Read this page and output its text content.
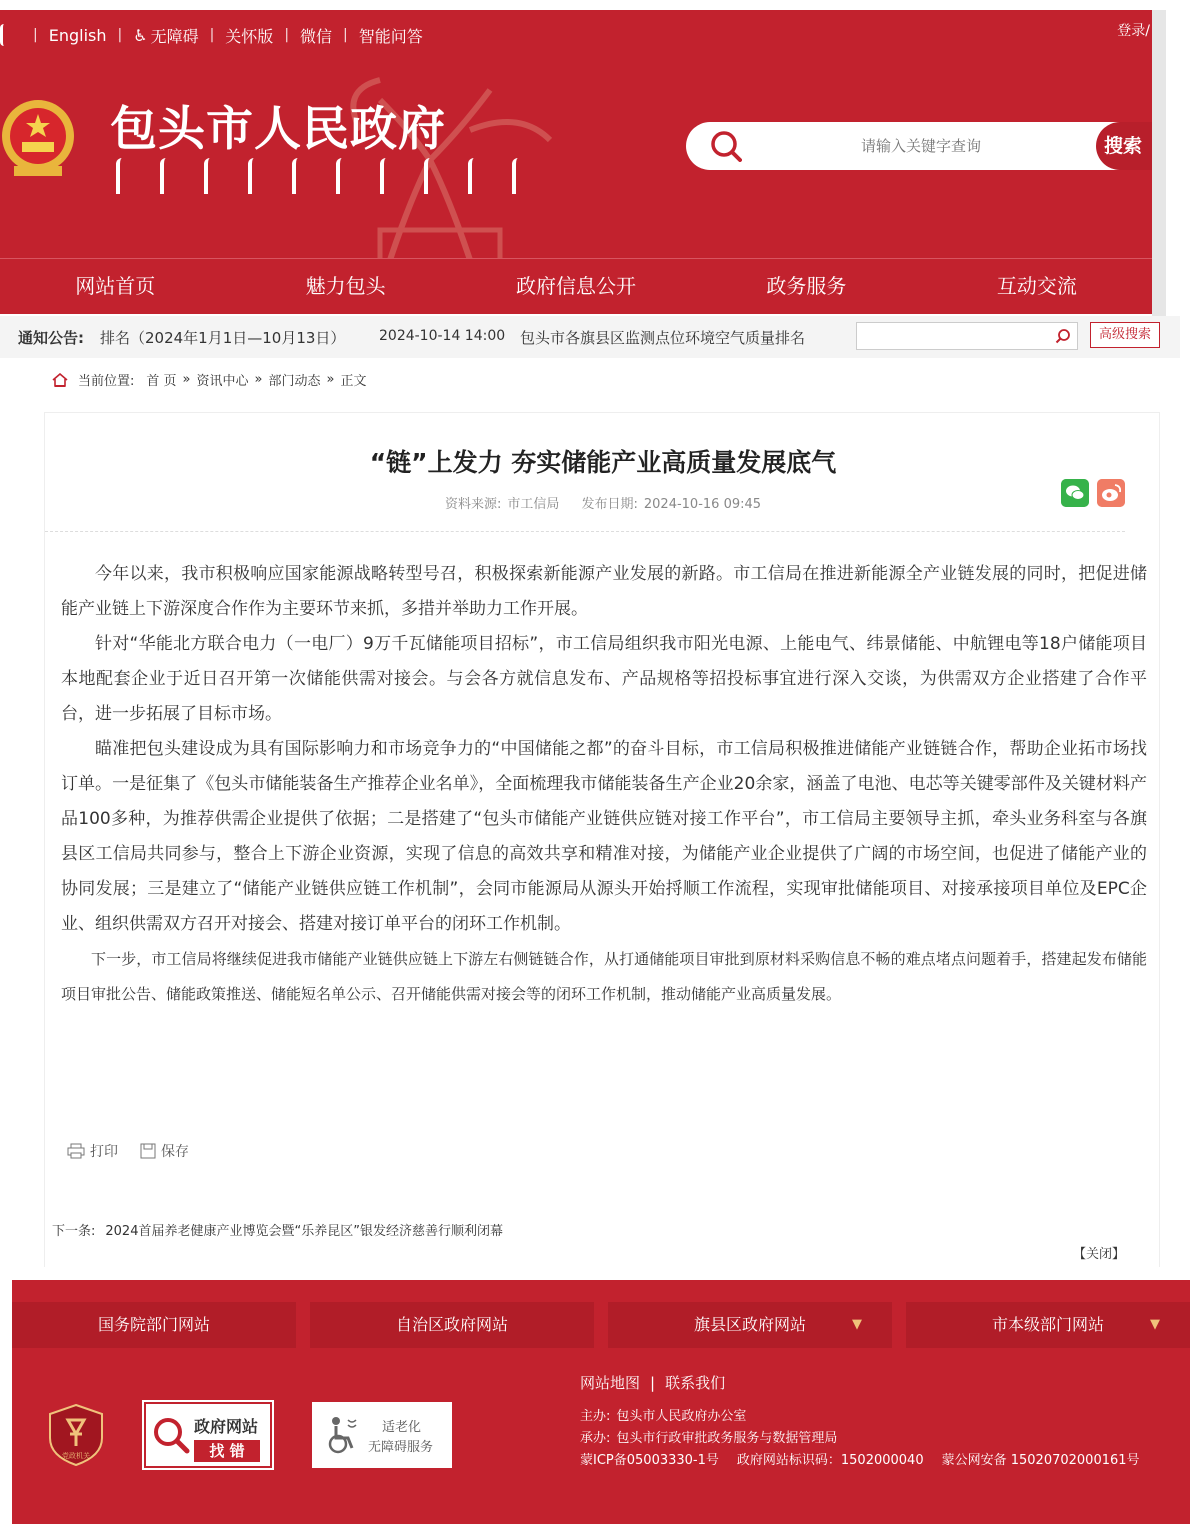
| English | ♿ 无障碍 | 关怀版 | 微信 | 智能问答	登录/
包头市人民政府
请输入关键字查询	搜索
网站首页	魅力包头	政府信息公开	政务服务	互动交流
通知公告: 排名（2024年1月1日—10月13日） 2024-10-14 14:00 包头市各旗县区监测点位环境空气质量排名	高级搜索
当前位置: 首 页 » 资讯中心 » 部门动态 » 正文
“链”上发力 夯实储能产业高质量发展底气
资料来源: 市工信局 发布日期: 2024-10-16 09:45

今年以来，我市积极响应国家能源战略转型号召，积极探索新能源产业发展的新路。市工信局在推进新能源全产业链发展的同时，把促进储能产业链上下游深度合作作为主要环节来抓，多措并举助力工作开展。

针对“华能北方联合电力（一电厂）9万千瓦储能项目招标”，市工信局组织我市阳光电源、上能电气、纬景储能、中航锂电等18户储能项目本地配套企业于近日召开第一次储能供需对接会。与会各方就信息发布、产品规格等招投标事宜进行深入交谈，为供需双方企业搭建了合作平台，进一步拓展了目标市场。

瞄准把包头建设成为具有国际影响力和市场竞争力的“中国储能之都”的奋斗目标，市工信局积极推进储能产业链链合作，帮助企业拓市场找订单。一是征集了《包头市储能装备生产推荐企业名单》，全面梳理我市储能装备生产企业20余家，涵盖了电池、电芯等关键零部件及关键材料产品100多种，为推荐供需企业提供了依据；二是搭建了“包头市储能产业链供应链对接工作平台”，市工信局主要领导主抓，牵头业务科室与各旗县区工信局共同参与，整合上下游企业资源，实现了信息的高效共享和精准对接，为储能产业企业提供了广阔的市场空间，也促进了储能产业的协同发展；三是建立了“储能产业链供应链工作机制”，会同市能源局从源头开始捋顺工作流程，实现审批储能项目、对接承接项目单位及EPC企业、组织供需双方召开对接会、搭建对接订单平台的闭环工作机制。

下一步，市工信局将继续促进我市储能产业链供应链上下游左右侧链链合作，从打通储能项目审批到原材料采购信息不畅的难点堵点问题着手，搭建起发布储能项目审批公告、储能政策推送、储能短名单公示、召开储能供需对接会等的闭环工作机制，推动储能产业高质量发展。

打印	保存
下一条: 2024首届养老健康产业博览会暨“乐养昆区”银发经济慈善行顺利闭幕
【关闭】
国务院部门网站	自治区政府网站	旗县区政府网站	▼	市本级部门网站	▼
党政机关
政府网站
找 错
适老化
无障碍服务
网站地图 | 联系我们
主办: 包头市人民政府办公室
承办: 包头市行政审批政务服务与数据管理局
蒙ICP备05003330-1号 政府网站标识码：1502000040 蒙公网安备 15020702000161号
